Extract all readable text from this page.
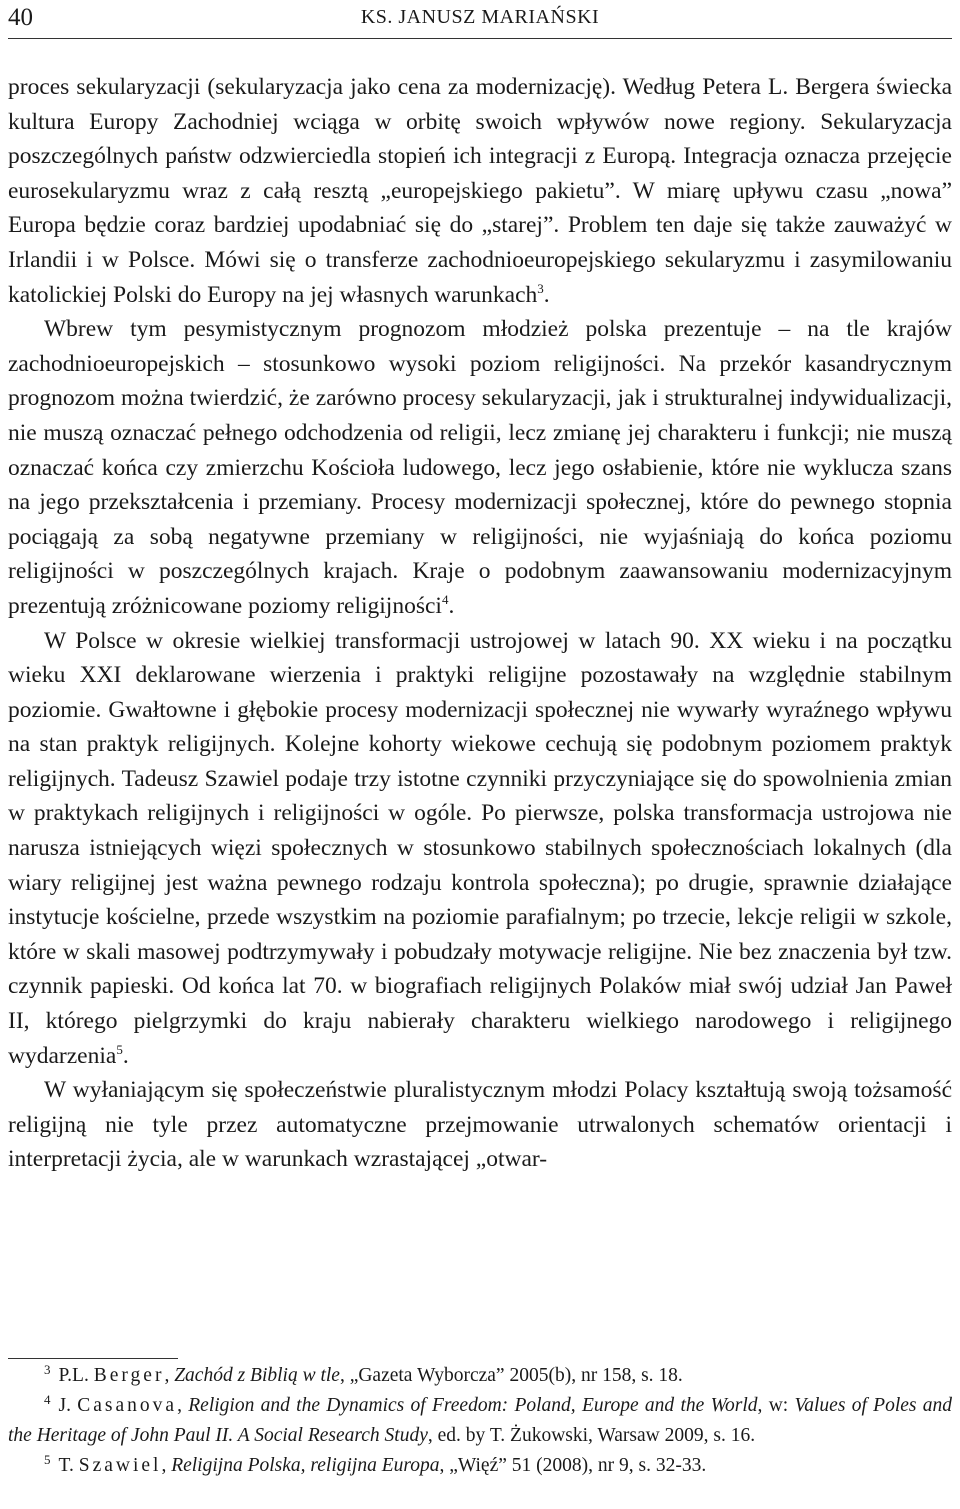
40	KS. JANUSZ MARIAŃSKI

proces sekularyzacji (sekularyzacja jako cena za modernizację). Według Petera L. Bergera świecka kultura Europy Zachodniej wciąga w orbitę swoich wpływów nowe regiony. Sekularyzacja poszczególnych państw odzwierciedla stopień ich integracji z Europą. Integracja oznacza przejęcie eurosekularyzmu wraz z całą resztą „europejskiego pakietu”. W miarę upływu czasu „nowa” Europa będzie coraz bardziej upodabniać się do „starej”. Problem ten daje się także zauważyć w Irlandii i w Polsce. Mówi się o transferze zachodnioeuropejskiego sekularyzmu i zasymilowaniu katolickiej Polski do Europy na jej własnych warunkach$^3$.

Wbrew tym pesymistycznym prognozom młodzież polska prezentuje – na tle krajów zachodnioeuropejskich – stosunkowo wysoki poziom religijności. Na przekór kasandrycznym prognozom można twierdzić, że zarówno procesy sekularyzacji, jak i strukturalnej indywidualizacji, nie muszą oznaczać pełnego odchodzenia od religii, lecz zmianę jej charakteru i funkcji; nie muszą oznaczać końca czy zmierzchu Kościoła ludowego, lecz jego osłabienie, które nie wyklucza szans na jego przekształcenia i przemiany. Procesy modernizacji społecznej, które do pewnego stopnia pociągają za sobą negatywne przemiany w religijności, nie wyjaśniają do końca poziomu religijności w poszczególnych krajach. Kraje o podobnym zaawansowaniu modernizacyjnym prezentują zróżnicowane poziomy religijności$^4$.

W Polsce w okresie wielkiej transformacji ustrojowej w latach 90. XX wieku i na początku wieku XXI deklarowane wierzenia i praktyki religijne pozostawały na względnie stabilnym poziomie. Gwałtowne i głębokie procesy modernizacji społecznej nie wywarły wyraźnego wpływu na stan praktyk religijnych. Kolejne kohorty wiekowe cechują się podobnym poziomem praktyk religijnych. Tadeusz Szawiel podaje trzy istotne czynniki przyczyniające się do spowolnienia zmian w praktykach religijnych i religijności w ogóle. Po pierwsze, polska transformacja ustrojowa nie narusza istniejących więzi społecznych w stosunkowo stabilnych społecznościach lokalnych (dla wiary religijnej jest ważna pewnego rodzaju kontrola społeczna); po drugie, sprawnie działające instytucje kościelne, przede wszystkim na poziomie parafialnym; po trzecie, lekcje religii w szkole, które w skali masowej podtrzymywały i pobudzały motywacje religijne. Nie bez znaczenia był tzw. czynnik papieski. Od końca lat 70. w biografiach religijnych Polaków miał swój udział Jan Paweł II, którego pielgrzymki do kraju nabierały charakteru wielkiego narodowego i religijnego wydarzenia$^5$.

W wyłaniającym się społeczeństwie pluralistycznym młodzi Polacy kształtują swoją tożsamość religijną nie tyle przez automatyczne przejmowanie utrwalonych schematów orientacji i interpretacji życia, ale w warunkach wzrastającej „otwar-

$^3$ P.L. Berger, Zachód z Biblią w tle, „Gazeta Wyborcza” 2005(b), nr 158, s. 18.

$^4$ J. Casanova, Religion and the Dynamics of Freedom: Poland, Europe and the World, w: Values of Poles and the Heritage of John Paul II. A Social Research Study, ed. by T. Żukowski, Warsaw 2009, s. 16.

$^5$ T. Szawiel, Religijna Polska, religijna Europa, „Więź” 51 (2008), nr 9, s. 32-33.
